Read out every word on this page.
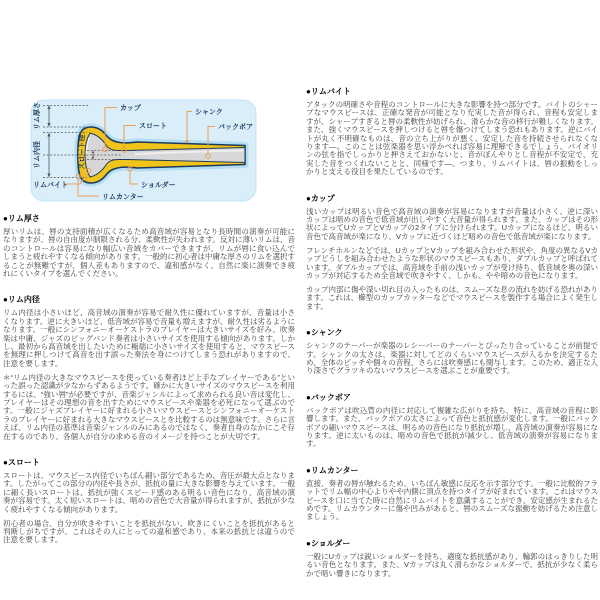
リム厚さ
リム内径	スロート径
カップ
シャンク
スロート	バックボア
リムバイト	ショルダー
リムカンター
●リム厚さ

厚いリムは、唇の支持面積が広くなるため高音域が容易となり長時間の演奏が可能になりますが、唇の自由度が制限される分、柔軟性が失われます。反対に薄いリムは、音のコントロールは容易になり幅広い音域をカバーできますが、リムが唇に食い込んでしまうと疲れやすくなる傾向があります。一般的に初心者は中庸な厚さのリムを選択することが無難ですが、個人差もありますので、違和感がなく、自然に楽に演奏でき疲れにくいタイプを選んでください。

●リム内径

リム内径は小さいほど、高音域の演奏が容易で耐久性に優れていますが、音量は小さくなります。逆に大きいほど、低音域が容易で音量も増えますが、耐久性は劣るようになります。一般にシンフォニーオーケストラのプレイヤーは大きいサイズを好み、吹奏楽は中庸、ジャズのビッグバンド奏者は小さいサイズを使用する傾向があります。しかし、最初から高音域を出したいために極端に小さいサイズを使用すると、マウスピースを無理に押しつけて高音を出す誤った奏法を身につけてしまう恐れがありますので、注意を要します。

＊“リム内径の大きなマウスピースを使っている奏者ほど上手なプレイヤーである”といった誤った認識が少なからずあるようです。確かに大きいサイズのマウスピースを利用するには、“強い唇”が必要ですが、音楽ジャンルによって求められる良い音は変化し、プレイヤーはその理想の音を出すためにマウスピースや楽器を必死になって選ぶのです。一般にジャズプレイヤーに好まれる小さいマウスピースとシンフォニーオーケストラのプレイヤーに好まれる大きなマウスピースとを比較するのは無意味です。さらに言えば、リム内径の基準は音楽ジャンルのみにあるのではなく、奏者自身のなかにこそ存在するのであり、各個人が自分の求める音のイメージを持つことが大切です。

●スロート

スロートは、マウスピース内径でいちばん細い部分であるため、音圧が最大点となります。したがってこの部分の内径や長さが、抵抗の量に大きな影響を与えています。一般に細く長いスロートは、抵抗が強くスピード感のある明るい音色になり、高音域の演奏が容易です。太く短いスロートは、暗めの音色で大音量が得られますが、抵抗が少なく疲れやすくなる傾向があります。

初心者の場合、自分が吹きやすいことを抵抗がない、吹きにくいことを抵抗があると判断しがちですが、これはその人にとっての違和感であり、本来の抵抗とは違うので注意を要します。

●リムバイト

アタックの明確さや音程のコントロールに大きな影響を持つ部分です。バイトのシャープなマウスピースは、正確な発音が可能となり充実した音が得られ、音程も安定しますが、シャープすぎると唇の柔軟性が妨げられ、滑らかな音の移行が難しくなります。また、強くマウスピースを押しつけると唇を傷つけてしまう恐れもあります。逆にバイトが丸く不明確なものは、音の立ち上がりが悪く、安定した音を持続させられなくなります―。このことは弦楽器を思い浮かべれば容易に理解できるでしょう。バイオリンの弦を指でしっかりと押さえておかないと、音がぼんやりとし音程が不安定で、充実した音をつくれないことと、同様です―。つまり、リムバイトは、唇の振動をしっかりと支える役目を果たしているのです。

●カップ

浅いカップは明るい音色で高音域の演奏が容易になりますが音量は小さく、逆に深いカップは暗めの音色で低音域が出しやすく大音量が得られます。また、カップはその形状によってUカップとVカップの2タイプに分けられます。Uカップになるほど、明るい音色で高音域が楽になり、Vカップに近づくほど暗めの音色で低音域が楽になります。

フレンチホルンなどでは、UカップとVカップを組み合わせた形状や、角度の異なるVカップどうしを組み合わせたような形状のマウスピースもあり、ダブルカップと呼ばれています。ダブルカップでは、高音域を手前の浅いカップが受け持ち、低音域を奥の深いカップが対応するため全音域で吹きやすく、しかも、やや暗めの音色になります。

カップ内部に傷や深い切れ目の入ったものは、スムーズな息の流れを妨げる恐れがあります。これは、櫛型のカップカッターなどでマウスピースを製作する場合によく発生します。

●シャンク

シャンクのテーパーが楽器のレシーバーのテーパーとぴったり合っていることが前提です。シャンクの太さは、楽器に対してどのくらいマウスピースが入るかを決定するため、全体のピッチや個々の音程、さらには吹奏感にも関与します。このため、適正な入り深さでグラツキのないマウスピースを選ぶことが重要です。

●バックボア

バックボアは吹込管の内径に対応して複雑な広がりを持ち、特に、高音域の音程に影響します。また、バックボアの太さによって音色と抵抗感が変化します。一般にバックボアの細いマウスピースは、明るめの音色になり抵抗が増し、高音域の演奏が容易になります。逆に太いものは、暗めの音色で抵抗が減少し、低音域の演奏が容易になります。

●リムカンター

直接、奏者の唇が触れるため、いちばん敏感に反応を示す部分です。一般に比較的フラットでリム幅の中心よりやや内側に頂点を持つタイプが好まれています。これはマウスピースを口に当てた時に自然にリムバイトを意識することができ、安定感が生まれるためです。リムカウンターに傷や凹みがあると、唇のスムーズな振動を妨げるため注意しましょう。

●ショルダー

一般にUカップは鋭いショルダーを持ち、適度な抵抗感があり、輪郭のはっきりした明るい音色となります。また、Vカップは丸く滑らかなショルダーで、抵抗が少なく柔らかで暗い響きになります。
